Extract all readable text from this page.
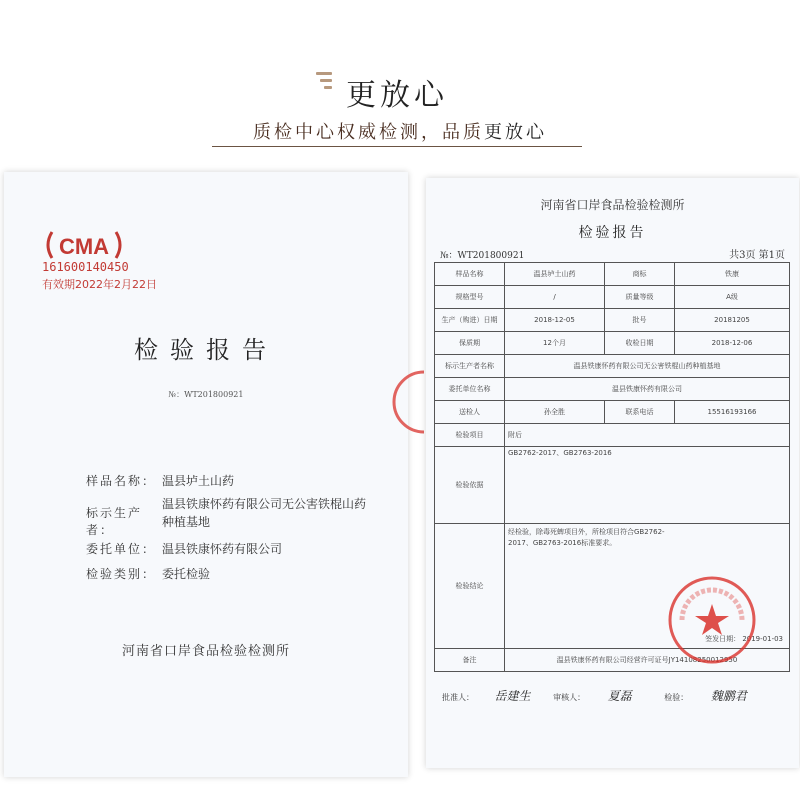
更放心
质检中心权威检测，品质更放心
CMA
161600140450
有效期2022年2月22日
检验报告
№：WT201800921
样品名称： 温县垆土山药
标示生产者：
温县铁康怀药有限公司无公害铁棍山药种植基地
委托单位： 温县铁康怀药有限公司
检验类别： 委托检验
河南省口岸食品检验检测所
河南省口岸食品检验检测所
检验报告
№：WT201800921	共3页 第1页
样品名称	温县垆土山药	商标	铁康
规格型号	/	质量等级	A级
生产（购进）日期	2018-12-05	批号	20181205
保质期	12个月	收检日期	2018-12-06
标示生产者名称	温县铁康怀药有限公司无公害铁棍山药种植基地		
委托单位名称	温县铁康怀药有限公司		
送检人	孙全胜	联系电话	15516193166
检验项目	附后		
检验依据	GB2762-2017、GB2763-2016		
检验结论	经检验，除毒死蜱项目外，所检项目符合GB2762-2017、GB2763-2016标准要求。
签发日期： 2019-01-03		

备注	温县铁康怀药有限公司经营许可证号JY14108250012950		
批准人： 岳建生	审核人： 夏磊	检验： 魏鹏君
